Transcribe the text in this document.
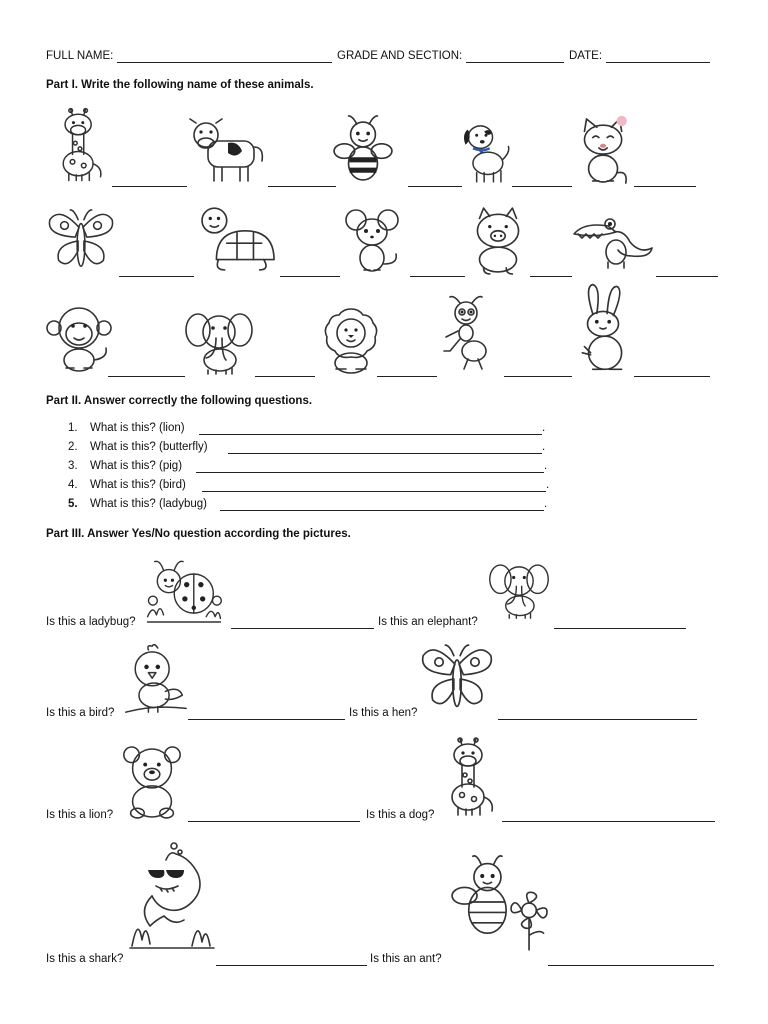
FULL NAME:	GRADE AND SECTION:	DATE:
Part I. Write the following name of these animals.
Part II. Answer correctly the following questions.
1.	What is this? (lion)	.
2.	What is this? (butterfly)	.
3.	What is this? (pig)	.
4.	What is this? (bird)	.
5.	What is this? (ladybug)	.
Part III. Answer Yes/No question according the pictures.
Is this a ladybug?	Is this an elephant?
Is this a bird?	Is this a hen?
Is this a lion?	Is this a dog?
Is this a shark?	Is this an ant?
